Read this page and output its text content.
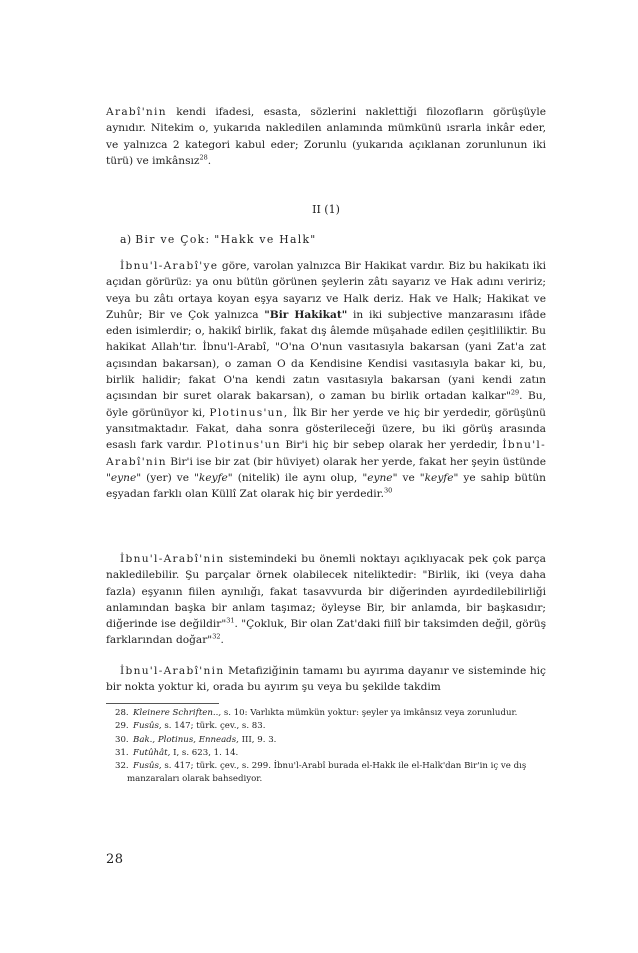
Arabî'nin kendi ifadesi, esasta, sözlerini naklettiği filozofların görüşüyle aynıdır. Nitekim o, yukarıda nakledilen anlamında mümkünü ısrarla inkâr eder, ve yalnızca 2 kategori kabul eder; Zorunlu (yukarıda açıklanan zorunlunun iki türü) ve imkânsız$^{28}$.
II (1)
a) Bir ve Çok: "Hakk ve Halk"
İbnu'l-Arabî'ye göre, varolan yalnızca Bir Hakikat vardır. Biz bu hakikatı iki açıdan görürüz: ya onu bütün görünen şeylerin zâtı sayarız ve Hak adını veririz; veya bu zâtı ortaya koyan eşya sayarız ve Halk deriz. Hak ve Halk; Hakikat ve Zuhûr; Bir ve Çok yalnızca "Bir Hakikat" in iki subjective manzarasını ifâde eden isimlerdir; o, hakikî birlik, fakat dış âlemde müşahade edilen çeşitliliktir. Bu hakikat Allah'tır. İbnu'l-Arabî, "O'na O'nun vasıtasıyla bakarsan (yani Zat'a zat açısından bakarsan), o zaman O da Kendisine Kendisi vasıtasıyla bakar ki, bu, birlik halidir; fakat O'na kendi zatın vasıtasıyla bakarsan (yani kendi zatın açısından bir suret olarak bakarsan), o zaman bu birlik ortadan kalkar"$^{29}$. Bu, öyle görünüyor ki, Plotinus'un, İlk Bir her yerde ve hiç bir yerdedir, görüşünü yansıtmaktadır. Fakat, daha sonra gösterileceği üzere, bu iki görüş arasında esaslı fark vardır. Plotinus'un Bir'i hiç bir sebep olarak her yerdedir, İbnu'l-Arabî'nin Bir'i ise bir zat (bir hüviyet) olarak her yerde, fakat her şeyin üstünde "eyne" (yer) ve "keyfe" (nitelik) ile aynı olup, "eyne" ve "keyfe" ye sahip bütün eşyadan farklı olan Küllî Zat olarak hiç bir yerdedir.$^{30}$
İbnu'l-Arabî'nin sistemindeki bu önemli noktayı açıklıyacak pek çok parça nakledilebilir. Şu parçalar örnek olabilecek niteliktedir: "Birlik, iki (veya daha fazla) eşyanın fiilen aynılığı, fakat tasavvurda bir diğerinden ayırdedilebilirliği anlamından başka bir anlam taşımaz; öyleyse Bir, bir anlamda, bir başkasıdır; diğerinde ise değildir"$^{31}$. "Çokluk, Bir olan Zat'daki fiilî bir taksimden değil, görüş farklarından doğar"$^{32}$.
İbnu'l-Arabî'nin Metafiziğinin tamamı bu ayırıma dayanır ve sisteminde hiç bir nokta yoktur ki, orada bu ayırım şu veya bu şekilde takdim
28. Kleinere Schriften.., s. 10: Varlıkta mümkün yoktur: şeyler ya imkânsız veya zorunludur.
29. Fusûs, s. 147; türk. çev., s. 83.
30. Bak., Plotinus, Enneads, III, 9. 3.
31. Futûhât, I, s. 623, 1. 14.
32. Fusûs, s. 417; türk. çev., s. 299. İbnu'l-Arabî burada el-Hakk ile el-Halk'dan Bir'in iç ve dış manzaraları olarak bahsediyor.
28
